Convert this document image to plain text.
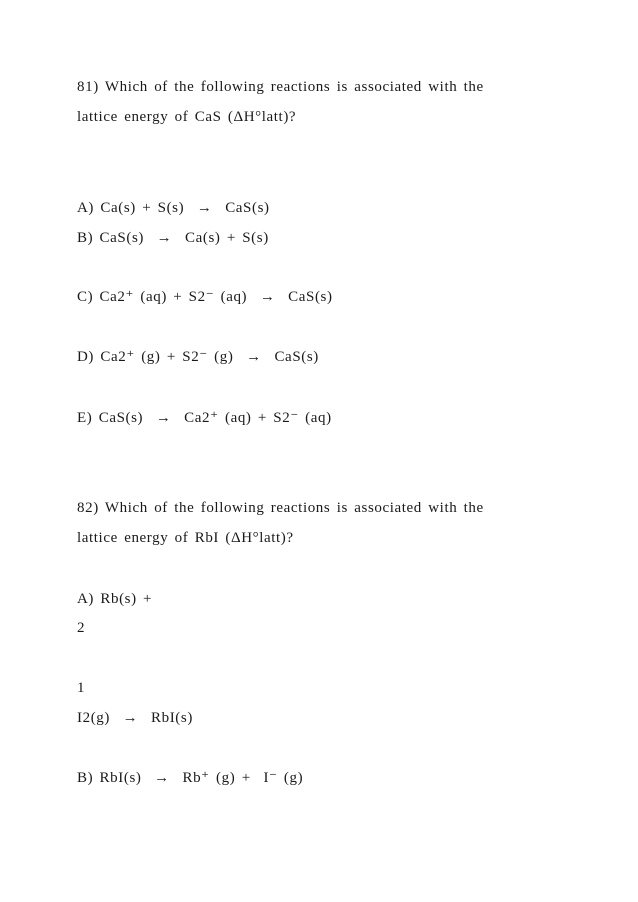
81) Which of the following reactions is associated with the
lattice energy of CaS (ΔH°latt)?
A) Ca(s) + S(s)  →  CaS(s)
B) CaS(s)  →  Ca(s) + S(s)
C) Ca2⁺ (aq) + S2⁻ (aq)  →  CaS(s)
D) Ca2⁺ (g) + S2⁻ (g)  →  CaS(s)
E) CaS(s)  →  Ca2⁺ (aq) + S2⁻ (aq)
82) Which of the following reactions is associated with the
lattice energy of RbI (ΔH°latt)?
A) Rb(s) +
2
1
I2(g)  →  RbI(s)
B) RbI(s)  →  Rb⁺ (g) +  I⁻ (g)
